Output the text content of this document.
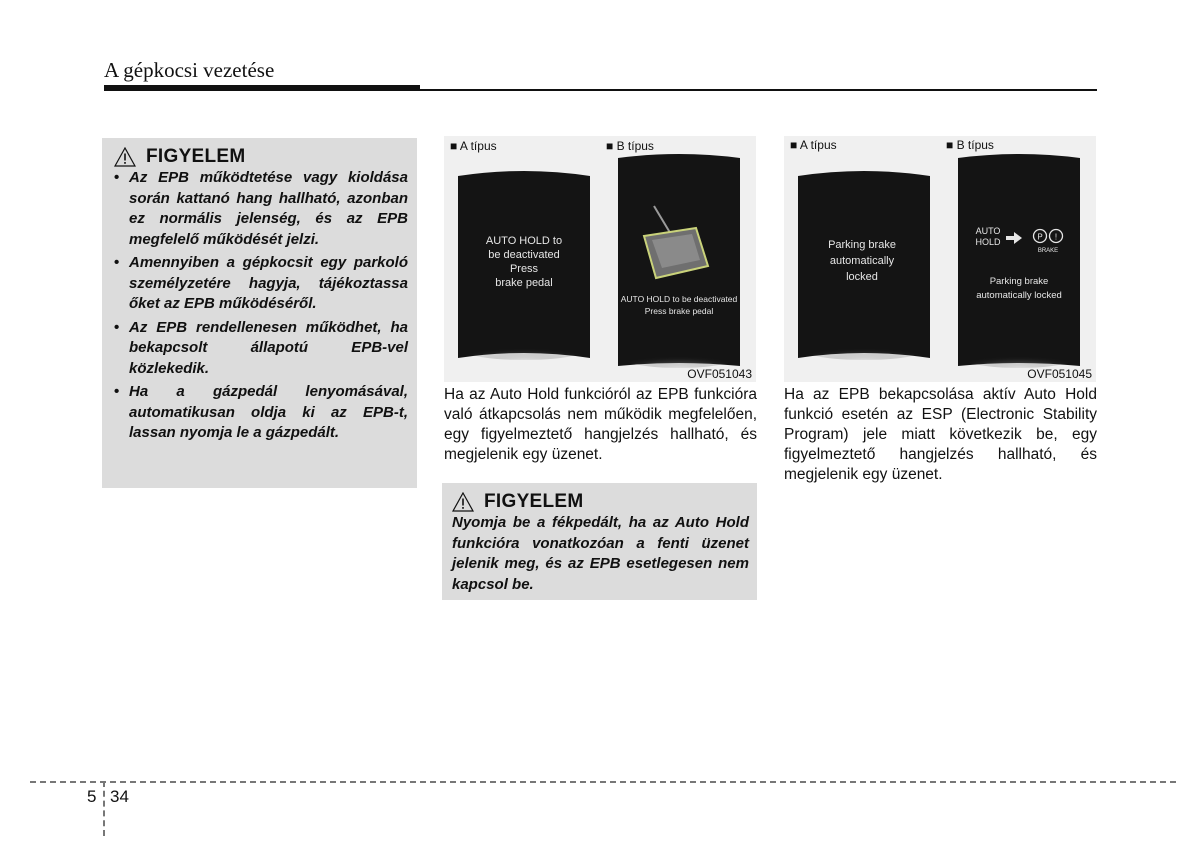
A gépkocsi vezetése
FIGYELEM
• Az EPB működtetése vagy kioldása során kattanó hang hallható, azonban ez normális jelenség, és az EPB megfelelő működését jelzi.
• Amennyiben a gépkocsit egy parkoló személyzetére hagyja, tájékoztassa őket az EPB működéséről.
• Az EPB rendellenesen működhet, ha bekapcsolt állapotú EPB-vel közlekedik.
• Ha a gázpedál lenyomásával, automatikusan oldja ki az EPB-t, lassan nyomja le a gázpedált.
AUTO HOLD to
be deactivated
Press
brake pedal
AUTO HOLD to be deactivated
Press brake pedal
■ A típus	■ B típus
OVF051043

Ha az Auto Hold funkcióról az EPB funkcióra való átkapcsolás nem működik megfelelően, egy figyelmeztető hangjelzés hallható, és megjelenik egy üzenet.

FIGYELEM

Nyomja be a fékpedált, ha az Auto Hold funkcióra vonatkozóan a fenti üzenet jelenik meg, és az EPB esetlegesen nem kapcsol be.

Parking brake
automatically
locked
AUTO
HOLD	P !
BRAKE
Parking brake
automatically locked
■ A típus	■ B típus
OVF051045

Ha az EPB bekapcsolása aktív Auto Hold funkció esetén az ESP (Electronic Stability Program) jele miatt következik be, egy figyelmeztető hangjelzés hallható, és megjelenik egy üzenet.

5 34
